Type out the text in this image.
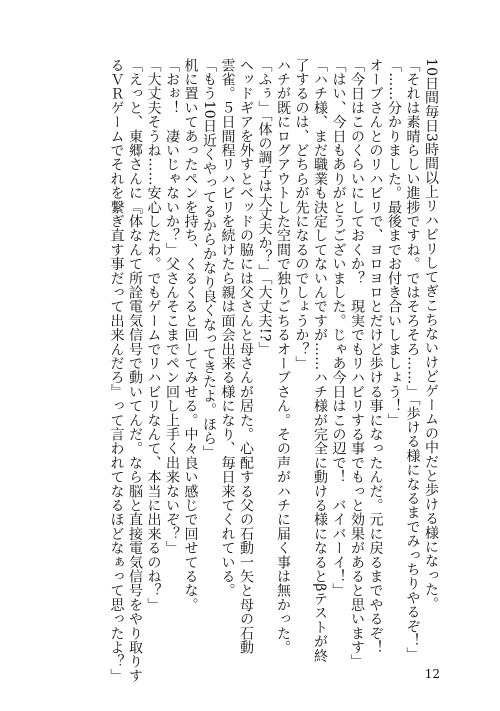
10日間毎日3時間以上リハビリしてぎこちないけどゲームの中だと歩ける様になった。
「それは素晴らしい進捗ですね。ではそろそろ……」「歩ける様になるまでみっちりやるぞ！」
「……分かりました。最後までお付き合いしましょう！」
オーブさんとのリハビリで、ヨロヨロとだけど歩ける事になったんだ。元に戻るまでやるぞ！
「今日はこのくらいにしておくか？　現実でもリハビリする事でもっと効果があると思います」
「はい、今日もありがとうございました。じゃあ今日はこの辺で！　バイバーイ！」
「ハチ様、まだ職業も決定してないんですが……ハチ様が完全に動ける様になるとβテストが終
了するのは、どちらが先になるのでしょうか？」
ハチが既にログアウトした空間で独りごちるオーブさん。その声がハチに届く事は無かった。
「ふぅ」「体の調子は大丈夫か？」「大丈夫!?」
ヘッドギアを外すとベッドの脇には父さんと母さんが居た。心配する父の石動一矢と母の石動
雲雀。５日間程リハビリを続けたら親は面会出来る様になり、毎日来てくれている。
「もう10日近くやってるからかなり良くなってきたよ。ほら」
机に置いてあったペンを持ち、くるくると回してみせる。中々良い感じで回せてるな。
「おぉ！　凄いじゃないか？」父さんそこまでペン回し上手く出来ないぞ？」
「大丈夫そうね……安心したわ。でもゲームでリハビリなんて、本当に出来るのね？」
「えっと、東郷さんに『体なんて所詮電気信号で動いてんだ。なら脳と直接電気信号をやり取りす
るＶＲゲームでそれを繋ぎ直す事だって出来んだろ』って言われてなるほどなぁって思ったよ？」	12
